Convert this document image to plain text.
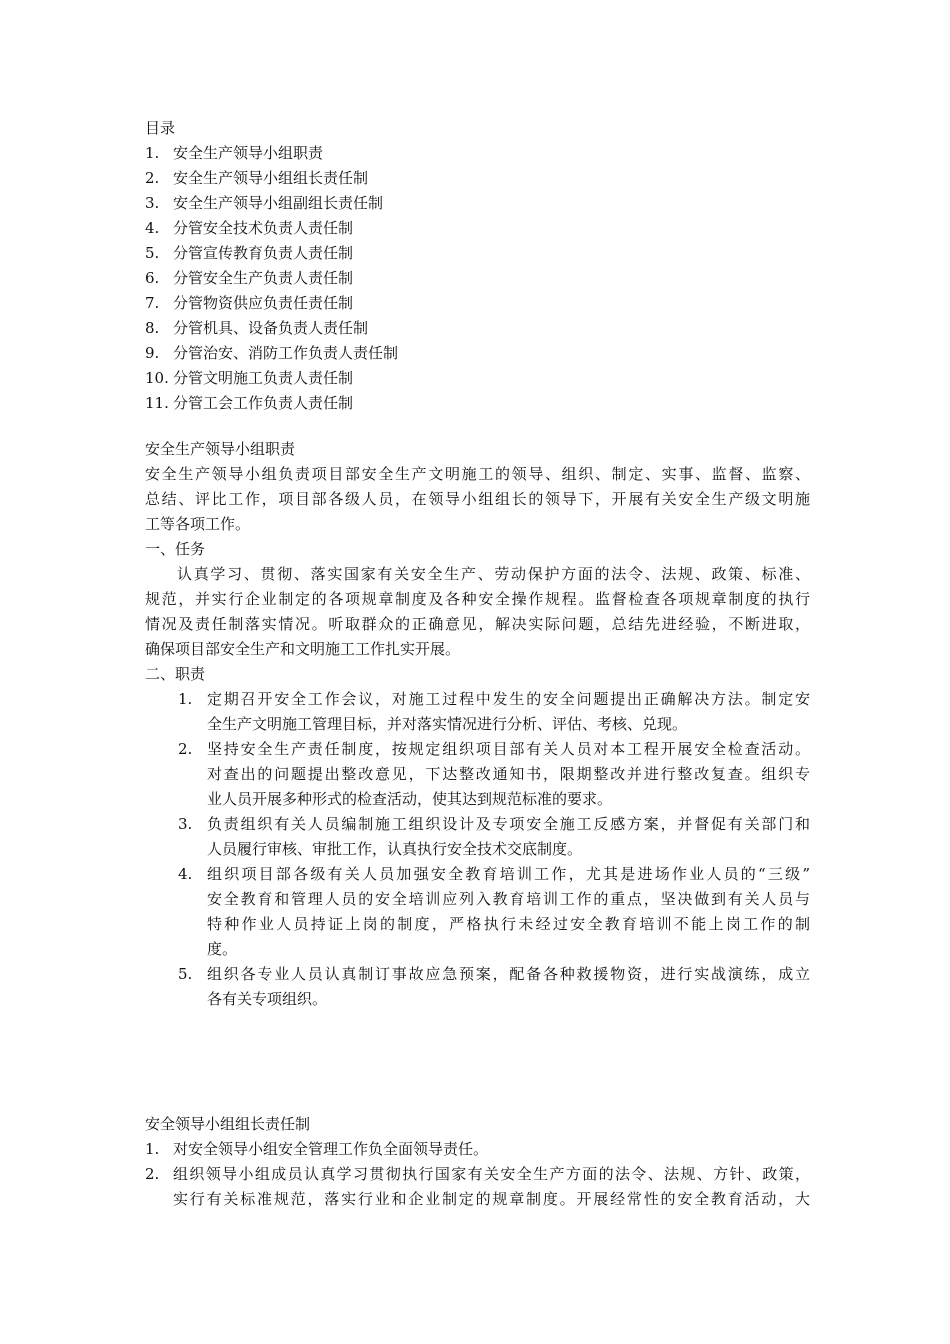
目录
1. 安全生产领导小组职责
2. 安全生产领导小组组长责任制
3. 安全生产领导小组副组长责任制
4. 分管安全技术负责人责任制
5. 分管宣传教育负责人责任制
6. 分管安全生产负责人责任制
7. 分管物资供应负责任责任制
8. 分管机具、设备负责人责任制
9. 分管治安、消防工作负责人责任制
10. 分管文明施工负责人责任制
11. 分管工会工作负责人责任制
安全生产领导小组职责
安全生产领导小组负责项目部安全生产文明施工的领导、组织、制定、实事、监督、监察、
总结、评比工作，项目部各级人员，在领导小组组长的领导下，开展有关安全生产级文明施
工等各项工作。
一、任务
认真学习、贯彻、落实国家有关安全生产、劳动保护方面的法令、法规、政策、标准、
规范，并实行企业制定的各项规章制度及各种安全操作规程。监督检查各项规章制度的执行
情况及责任制落实情况。听取群众的正确意见，解决实际问题，总结先进经验，不断进取，
确保项目部安全生产和文明施工工作扎实开展。
二、职责
1. 定期召开安全工作会议，对施工过程中发生的安全问题提出正确解决方法。制定安
全生产文明施工管理目标，并对落实情况进行分析、评估、考核、兑现。
2. 坚持安全生产责任制度，按规定组织项目部有关人员对本工程开展安全检查活动。
对查出的问题提出整改意见，下达整改通知书，限期整改并进行整改复查。组织专
业人员开展多种形式的检查活动，使其达到规范标准的要求。
3. 负责组织有关人员编制施工组织设计及专项安全施工反感方案，并督促有关部门和
人员履行审核、审批工作，认真执行安全技术交底制度。
4. 组织项目部各级有关人员加强安全教育培训工作，尤其是进场作业人员的“三级”
安全教育和管理人员的安全培训应列入教育培训工作的重点，坚决做到有关人员与
特种作业人员持证上岗的制度，严格执行未经过安全教育培训不能上岗工作的制
度。
5. 组织各专业人员认真制订事故应急预案，配备各种救援物资，进行实战演练，成立
各有关专项组织。
安全领导小组组长责任制
1. 对安全领导小组安全管理工作负全面领导责任。
2. 组织领导小组成员认真学习贯彻执行国家有关安全生产方面的法令、法规、方针、政策，
实行有关标准规范，落实行业和企业制定的规章制度。开展经常性的安全教育活动，大
